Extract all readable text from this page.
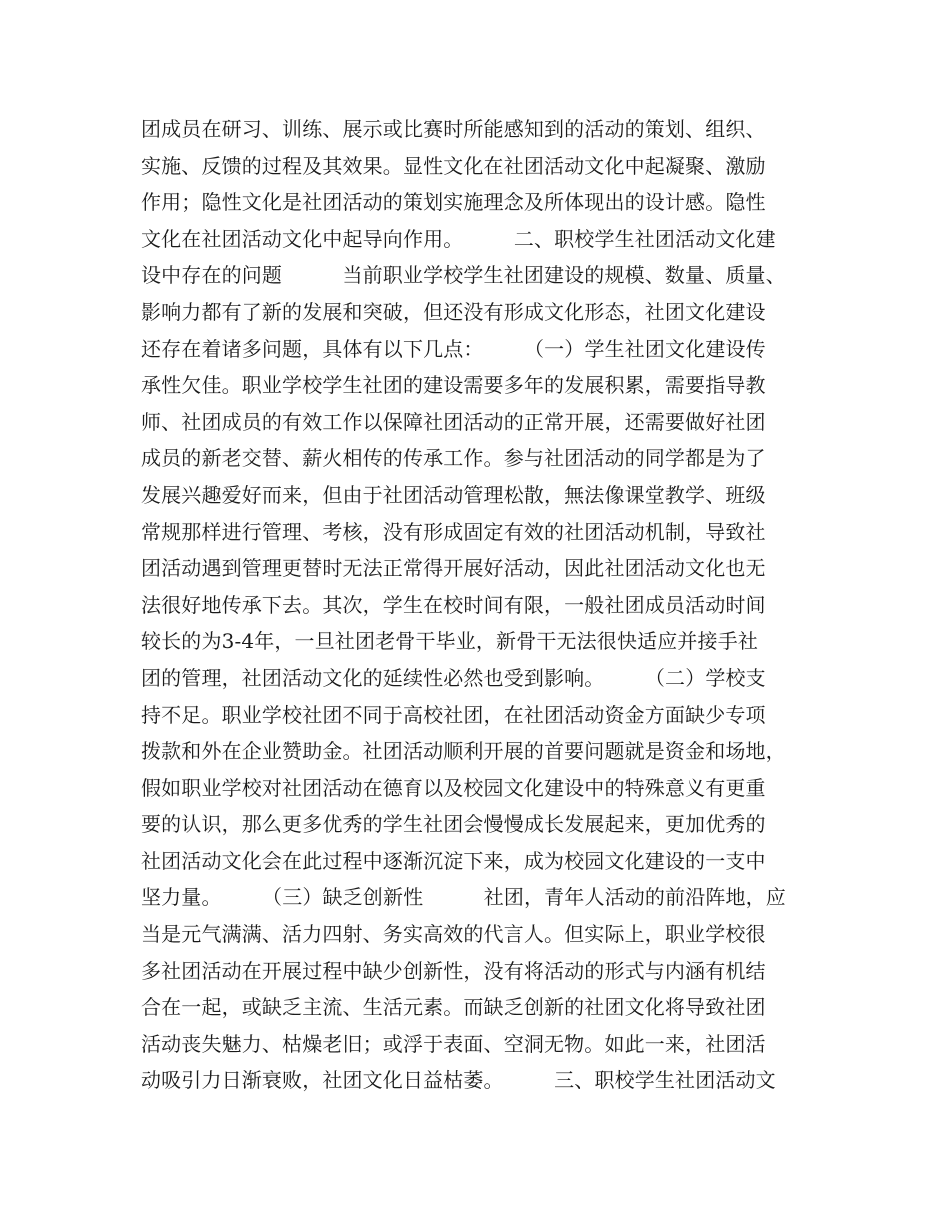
团成员在研习、训练、展示或比赛时所能感知到的活动的策划、组织、
实施、反馈的过程及其效果。显性文化在社团活动文化中起凝聚、激励
作用；隐性文化是社团活动的策划实施理念及所体现出的设计感。隐性
文化在社团活动文化中起导向作用。　　　二、职校学生社团活动文化建
设中存在的问题　　　当前职业学校学生社团建设的规模、数量、质量、
影响力都有了新的发展和突破，但还没有形成文化形态，社团文化建设
还存在着诸多问题，具体有以下几点：　　　（一）学生社团文化建设传
承性欠佳。职业学校学生社团的建设需要多年的发展积累，需要指导教
师、社团成员的有效工作以保障社团活动的正常开展，还需要做好社团
成员的新老交替、薪火相传的传承工作。参与社团活动的同学都是为了
发展兴趣爱好而来，但由于社团活动管理松散，無法像课堂教学、班级
常规那样进行管理、考核，没有形成固定有效的社团活动机制，导致社
团活动遇到管理更替时无法正常得开展好活动，因此社团活动文化也无
法很好地传承下去。其次，学生在校时间有限，一般社团成员活动时间
较长的为3-4年，一旦社团老骨干毕业，新骨干无法很快适应并接手社
团的管理，社团活动文化的延续性必然也受到影响。　　　（二）学校支
持不足。职业学校社团不同于高校社团，在社团活动资金方面缺少专项
拨款和外在企业赞助金。社团活动顺利开展的首要问题就是资金和场地，
假如职业学校对社团活动在德育以及校园文化建设中的特殊意义有更重
要的认识，那么更多优秀的学生社团会慢慢成长发展起来，更加优秀的
社团活动文化会在此过程中逐渐沉淀下来，成为校园文化建设的一支中
坚力量。　　　（三）缺乏创新性　　　社团，青年人活动的前沿阵地，应
当是元气满满、活力四射、务实高效的代言人。但实际上，职业学校很
多社团活动在开展过程中缺少创新性，没有将活动的形式与内涵有机结
合在一起，或缺乏主流、生活元素。而缺乏创新的社团文化将导致社团
活动丧失魅力、枯燥老旧；或浮于表面、空洞无物。如此一来，社团活
动吸引力日渐衰败，社团文化日益枯萎。　　　三、职校学生社团活动文
